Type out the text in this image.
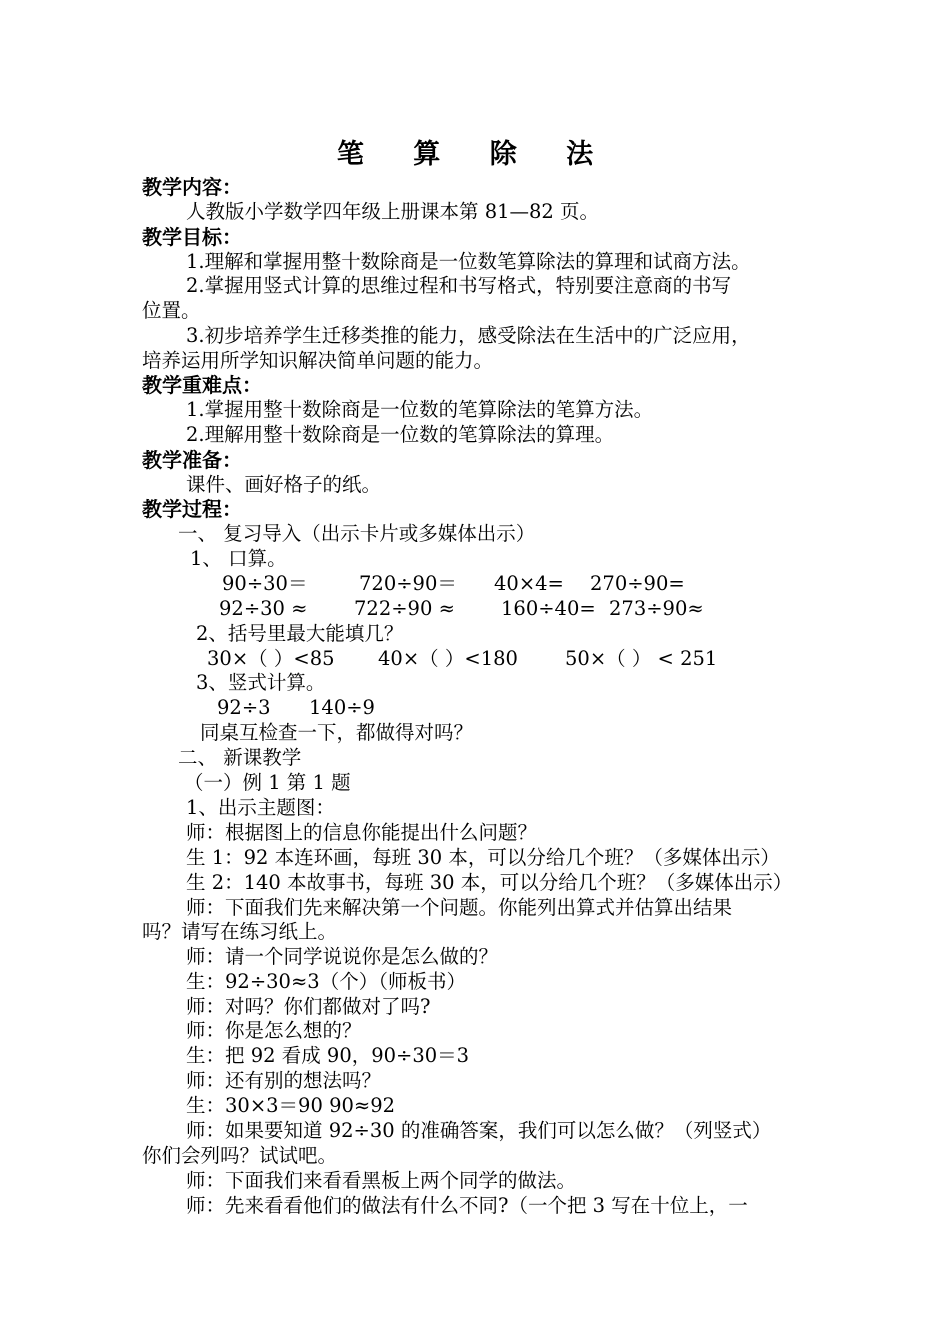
笔 算 除 法
教学内容：
人教版小学数学四年级上册课本第 81—82 页。
教学目标：
1.理解和掌握用整十数除商是一位数笔算除法的算理和试商方法。
2.掌握用竖式计算的思维过程和书写格式，特别要注意商的书写
位置。
3.初步培养学生迁移类推的能力，感受除法在生活中的广泛应用，
培养运用所学知识解决简单问题的能力。
教学重难点：
1.掌握用整十数除商是一位数的笔算除法的笔算方法。
2.理解用整十数除商是一位数的笔算除法的算理。
教学准备：
课件、画好格子的纸。
教学过程：
一、 复习导入（出示卡片或多媒体出示）
1、 口算。
90÷30＝	720÷90＝ 40×4= 270÷90=
92÷30 ≈ 722÷90 ≈ 160÷40= 273÷90≈
2、括号里最大能填几？
30×（ ）<85 40×（ ）<180 50×（ ） < 251
3、竖式计算。
92÷3 140÷9
同桌互检查一下，都做得对吗？
二、 新课教学
（一）例 1 第 1 题
1、出示主题图：
师：根据图上的信息你能提出什么问题？
生 1：92 本连环画，每班 30 本，可以分给几个班？（多媒体出示）
生 2：140 本故事书，每班 30 本，可以分给几个班？（多媒体出示）
师：下面我们先来解决第一个问题。你能列出算式并估算出结果
吗？请写在练习纸上。
师：请一个同学说说你是怎么做的？
生：92÷30≈3（个）（师板书）
师：对吗？你们都做对了吗?
师：你是怎么想的？
生：把 92 看成 90，90÷30＝3
师：还有别的想法吗？
生：30×3＝90 90≈92
师：如果要知道 92÷30 的准确答案，我们可以怎么做？（列竖式）
你们会列吗？试试吧。
师：下面我们来看看黑板上两个同学的做法。
师：先来看看他们的做法有什么不同?（一个把 3 写在十位上，一
